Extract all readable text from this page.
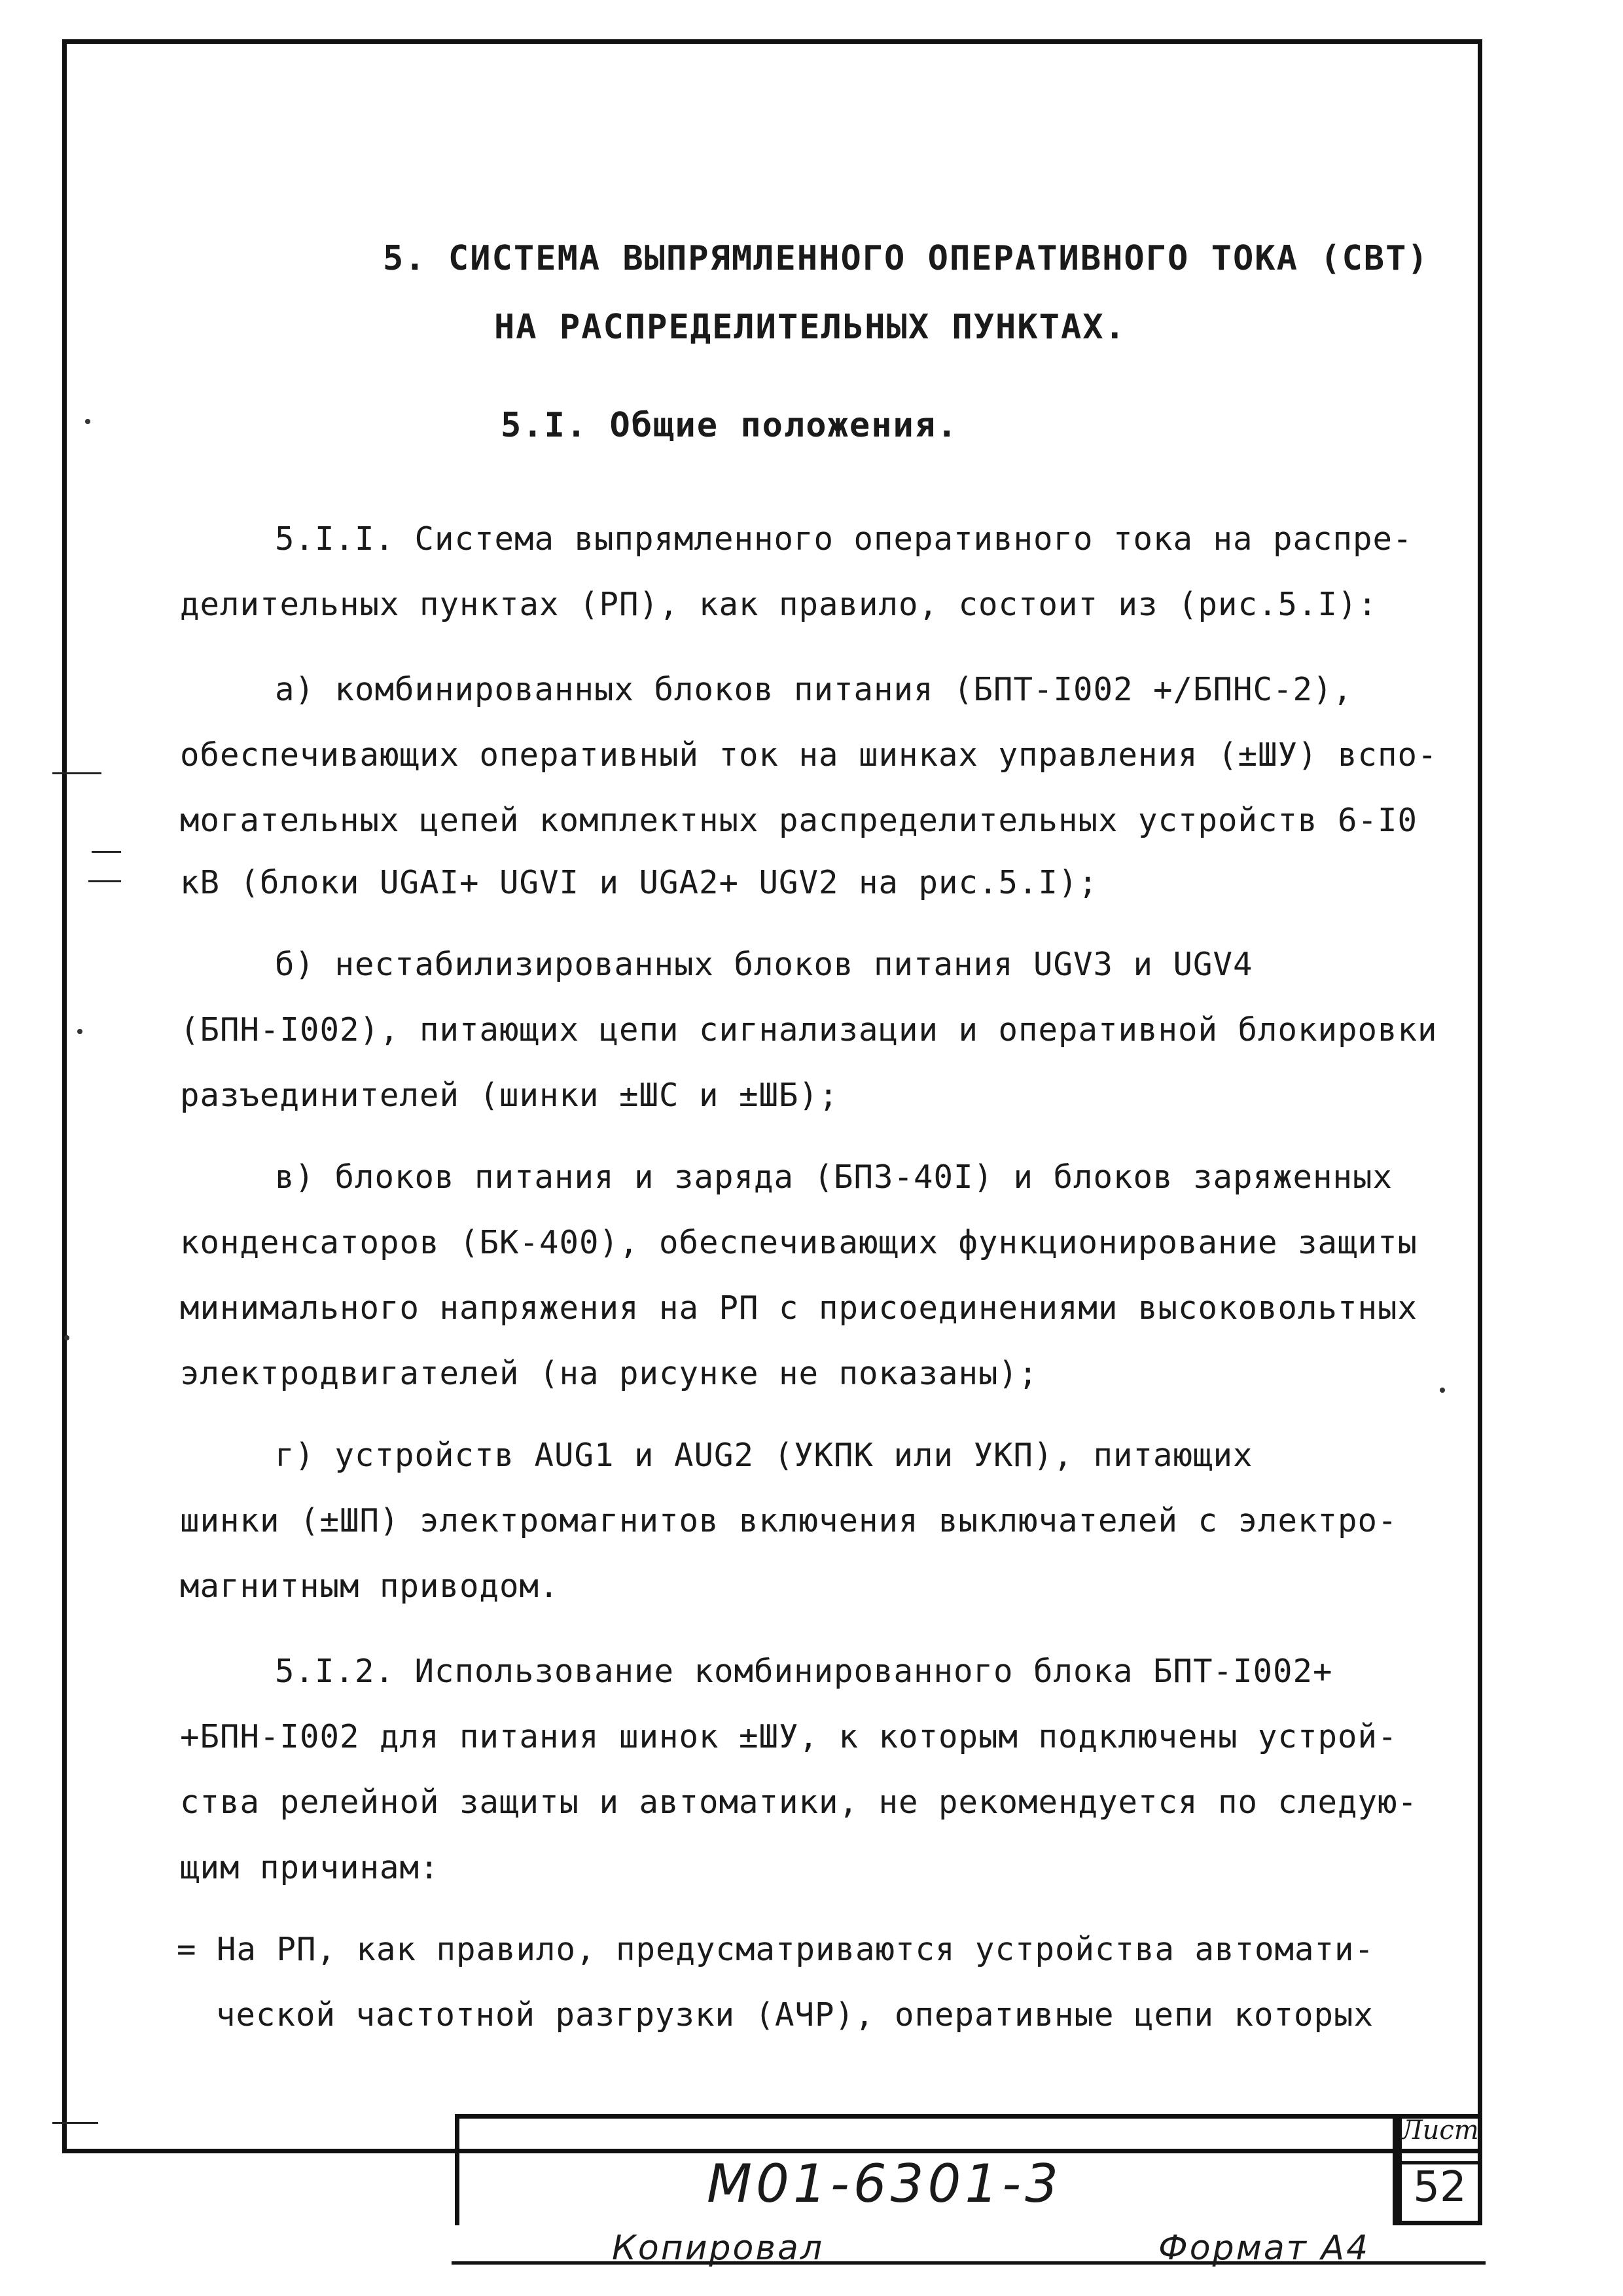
5. СИСТЕМА ВЫПРЯМЛЕННОГО ОПЕРАТИВНОГО ТОКА (СВТ)
НА РАСПРЕДЕЛИТЕЛЬНЫХ ПУНКТАХ.
5.I. Общие положения.
5.I.I. Система выпрямленного оперативного тока на распре-
делительных пунктах (РП), как правило, состоит из (рис.5.I):
а) комбинированных блоков питания (БПТ-I002 +/БПНС-2),
обеспечивающих оперативный ток на шинках управления (±ШУ) вспо-
могательных цепей комплектных распределительных устройств 6-I0
кВ (блоки UGAI+ UGVI и UGA2+ UGV2 на рис.5.I);
б) нестабилизированных блоков питания UGV3 и UGV4
(БПН-I002), питающих цепи сигнализации и оперативной блокировки
разъединителей (шинки ±ШС и ±ШБ);
в) блоков питания и заряда (БПЗ-40I) и блоков заряженных
конденсаторов (БК-400), обеспечивающих функционирование защиты
минимального напряжения на РП с присоединениями высоковольтных
электродвигателей (на рисунке не показаны);
г) устройств AUG1 и AUG2 (УКПК или УКП), питающих
шинки (±ШП) электромагнитов включения выключателей с электро-
магнитным приводом.
5.I.2. Использование комбинированного блока БПТ-I002+
+БПН-I002 для питания шинок ±ШУ, к которым подключены устрой-
ства релейной защиты и автоматики, не рекомендуется по следую-
щим причинам:
= На РП, как правило, предусматриваются устройства автомати-
ческой частотной разгрузки (АЧР), оперативные цепи которых
М01-6301-3
Лист
52
Копировал	Формат А4
